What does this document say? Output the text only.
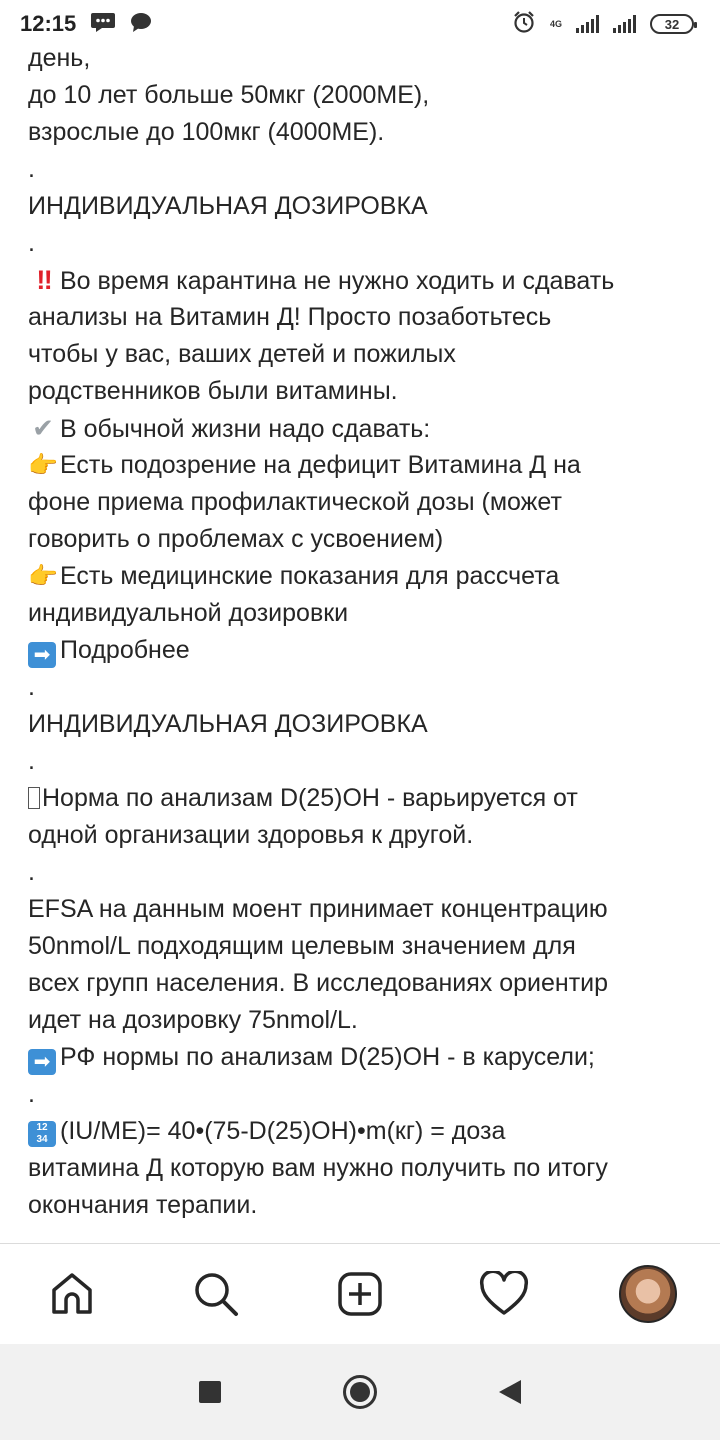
12:15	4G	32
день,
до 10 лет больше 50мкг (2000МЕ),
взрослые до 100мкг (4000МЕ).
.
ИНДИВИДУАЛЬНАЯ ДОЗИРОВКА
.
‼ Во время карантина не нужно ходить и сдавать
анализы на Витамин Д! Просто позаботьтесь
чтобы у вас, ваших детей и пожилых
родственников были витамины.
✔ В обычной жизни надо сдавать:
👉Есть подозрение на дефицит Витамина Д на
фоне приема профилактической дозы (может
говорить о проблемах с усвоением)
👉Есть медицинские показания для рассчета
индивидуальной дозировки
➡ Подробнее
.
ИНДИВИДУАЛЬНАЯ ДОЗИРОВКА
.
Норма по анализам D(25)OH - варьируется от
одной организации здоровья к другой.
.
EFSA на данным моент принимает концентрацию
50nmol/L подходящим целевым значением для
всех групп населения. В исследованиях ориентир
идет на дозировку 75nmol/L.
➡ РФ нормы по анализам D(25)OH - в карусели;
.
12
34 (IU/ME)= 40•(75-D(25)OH)•m(кг) = доза
витамина Д которую вам нужно получить по итогу
окончания терапии.
